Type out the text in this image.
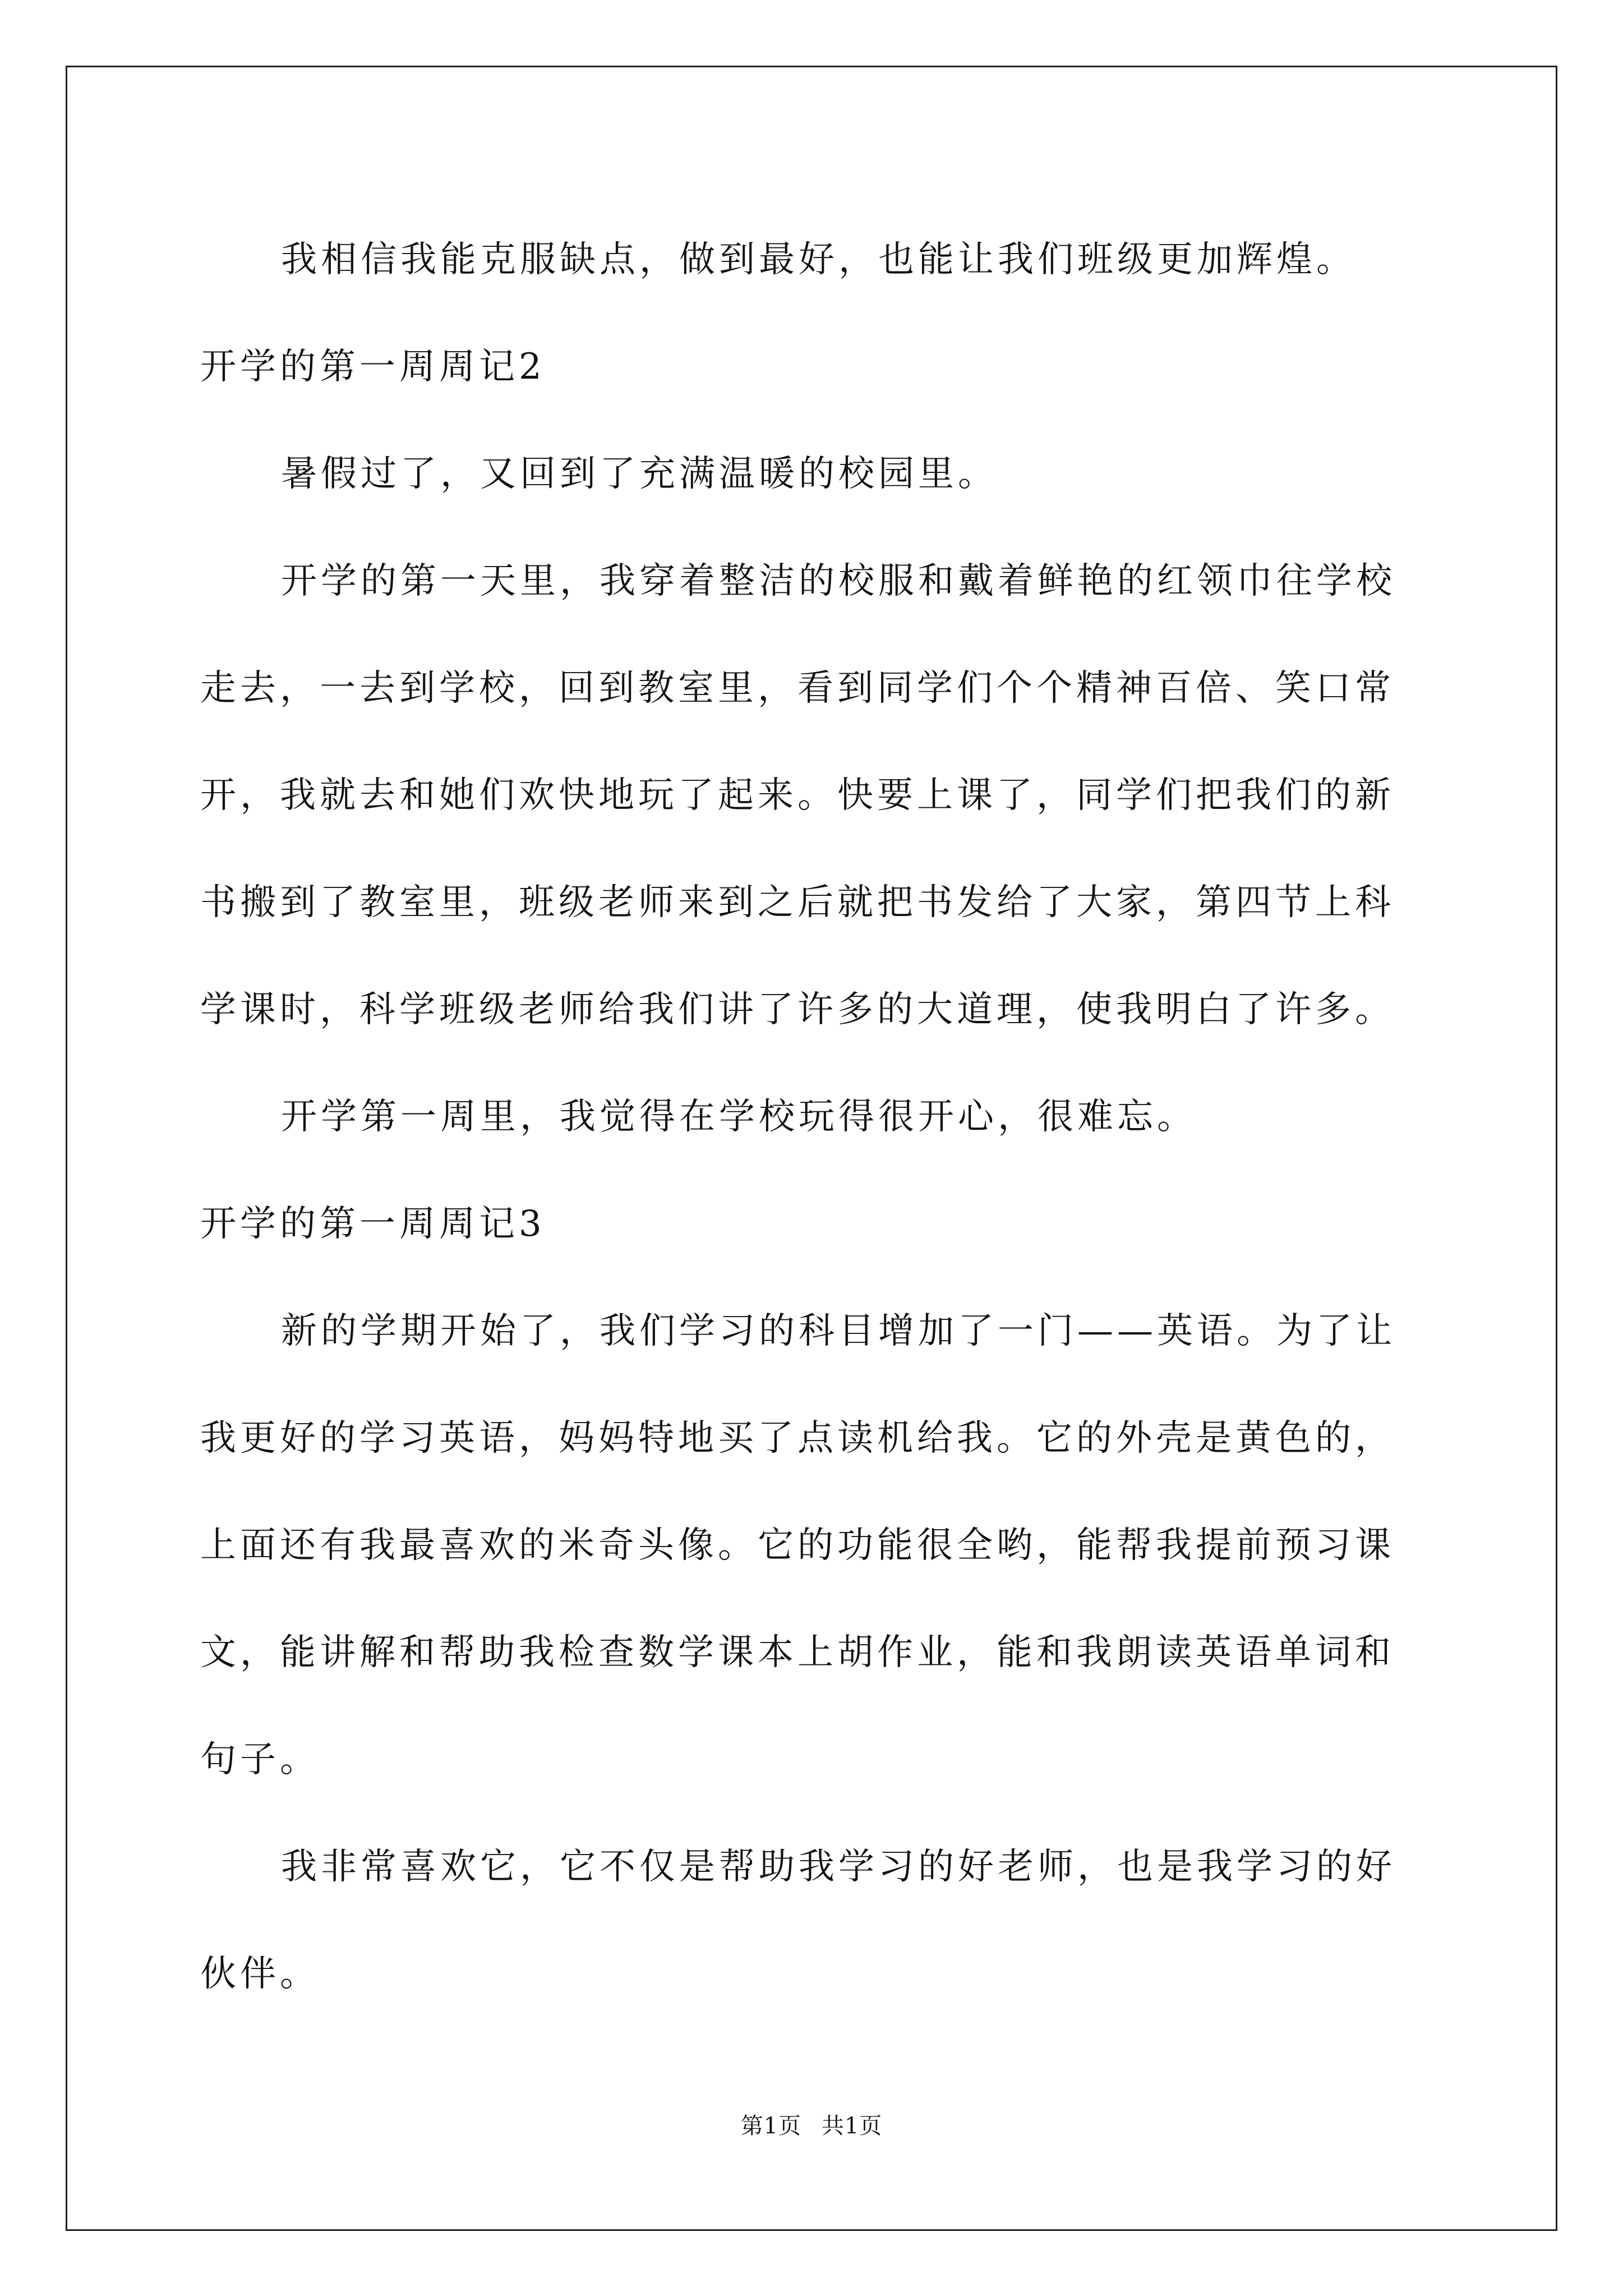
我相信我能克服缺点，做到最好，也能让我们班级更加辉煌。

开学的第一周周记2

暑假过了，又回到了充满温暖的校园里。

开学的第一天里，我穿着整洁的校服和戴着鲜艳的红领巾往学校走去，一去到学校，回到教室里，看到同学们个个精神百倍、笑口常开，我就去和她们欢快地玩了起来。快要上课了，同学们把我们的新书搬到了教室里，班级老师来到之后就把书发给了大家，第四节上科学课时，科学班级老师给我们讲了许多的大道理，使我明白了许多。

开学第一周里，我觉得在学校玩得很开心，很难忘。

开学的第一周周记3

新的学期开始了，我们学习的科目增加了一门——英语。为了让我更好的学习英语，妈妈特地买了点读机给我。它的外壳是黄色的，上面还有我最喜欢的米奇头像。它的功能很全哟，能帮我提前预习课文，能讲解和帮助我检查数学课本上胡作业，能和我朗读英语单词和句子。

我非常喜欢它，它不仅是帮助我学习的好老师，也是我学习的好伙伴。

第1页 共1页
